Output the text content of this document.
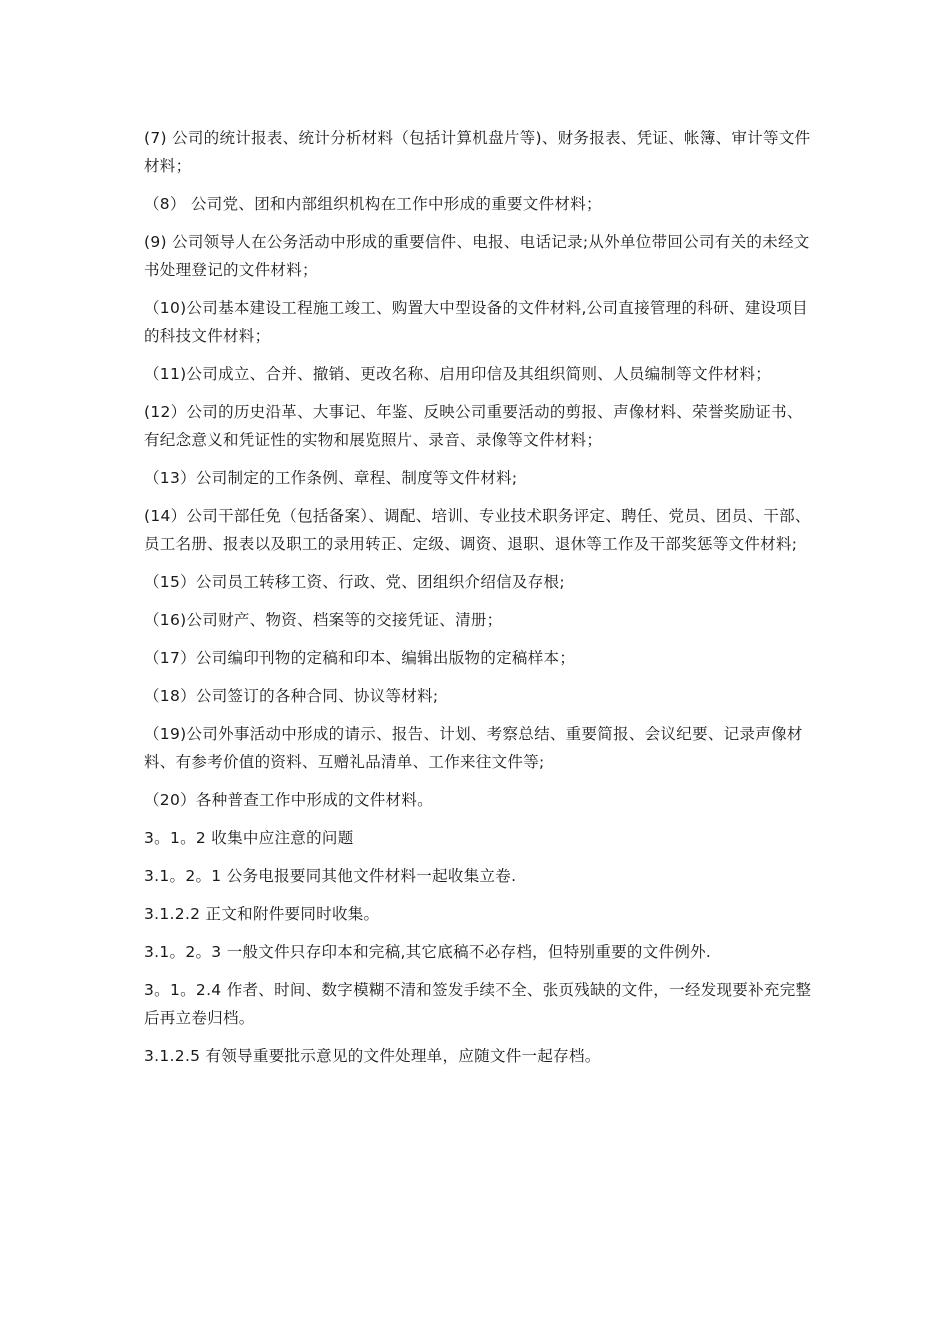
(7) 公司的统计报表、统计分析材料（包括计算机盘片等)、财务报表、凭证、帐簿、审计等文件材料；

（8） 公司党、团和内部组织机构在工作中形成的重要文件材料；

(9) 公司领导人在公务活动中形成的重要信件、电报、电话记录;从外单位带回公司有关的未经文书处理登记的文件材料；

（10)公司基本建设工程施工竣工、购置大中型设备的文件材料,公司直接管理的科研、建设项目的科技文件材料；

（11)公司成立、合并、撤销、更改名称、启用印信及其组织简则、人员编制等文件材料；

(12）公司的历史沿革、大事记、年鉴、反映公司重要活动的剪报、声像材料、荣誉奖励证书、有纪念意义和凭证性的实物和展览照片、录音、录像等文件材料；

（13）公司制定的工作条例、章程、制度等文件材料;

(14）公司干部任免（包括备案）、调配、培训、专业技术职务评定、聘任、党员、团员、干部、员工名册、报表以及职工的录用转正、定级、调资、退职、退休等工作及干部奖惩等文件材料;

（15）公司员工转移工资、行政、党、团组织介绍信及存根;

（16)公司财产、物资、档案等的交接凭证、清册；

（17）公司编印刊物的定稿和印本、编辑出版物的定稿样本；

（18）公司签订的各种合同、协议等材料;

（19)公司外事活动中形成的请示、报告、计划、考察总结、重要简报、会议纪要、记录声像材料、有参考价值的资料、互赠礼品清单、工作来往文件等;

（20）各种普查工作中形成的文件材料。

3。1。2 收集中应注意的问题

3.1。2。1 公务电报要同其他文件材料一起收集立卷.

3.1.2.2 正文和附件要同时收集。

3.1。2。3 一般文件只存印本和完稿,其它底稿不必存档，但特别重要的文件例外.

3。1。2.4 作者、时间、数字模糊不清和签发手续不全、张页残缺的文件，一经发现要补充完整后再立卷归档。

3.1.2.5 有领导重要批示意见的文件处理单，应随文件一起存档。
